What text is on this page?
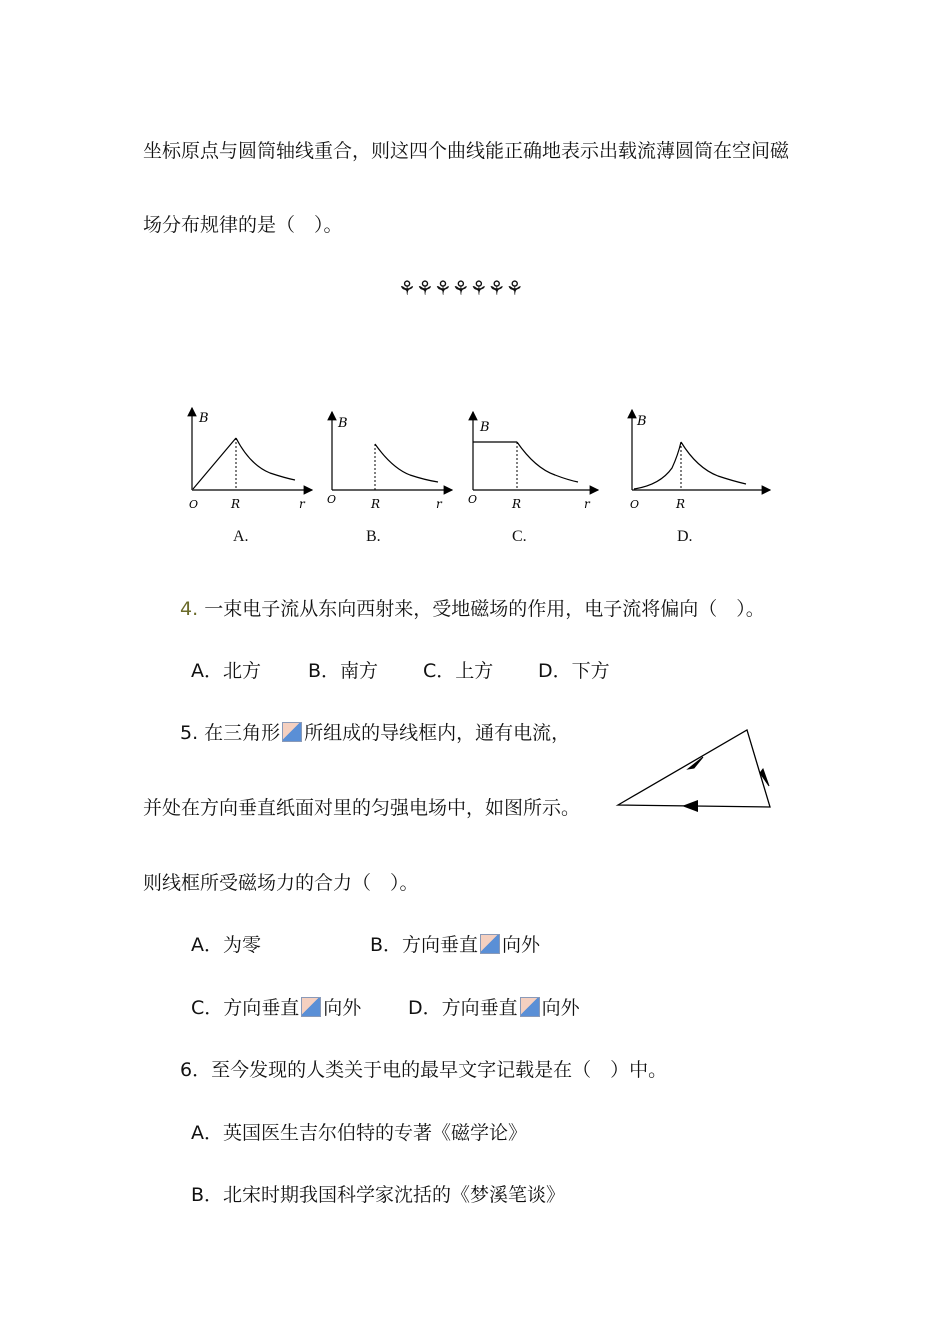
坐标原点与圆筒轴线重合，则这四个曲线能正确地表示出载流薄圆筒在空间磁
场分布规律的是（　）。
⚘⚘⚘⚘⚘⚘⚘
B
O	R	r
B
O	R	r
B
O	R	r
B
O	R
A.	B.	C.	D.
4. 一束电子流从东向西射来，受地磁场的作用，电子流将偏向（　）。
A．北方 B．南方 C．上方 D．下方
5. 在三角形 所组成的导线框内，通有电流，
并处在方向垂直纸面对里的匀强电场中，如图所示。
则线框所受磁场力的合力（　）。
A．为零	B．方向垂直 向外
C．方向垂直 向外 D．方向垂直 向外
6．至今发现的人类关于电的最早文字记载是在（　）中。
A．英国医生吉尔伯特的专著《磁学论》
B．北宋时期我国科学家沈括的《梦溪笔谈》
